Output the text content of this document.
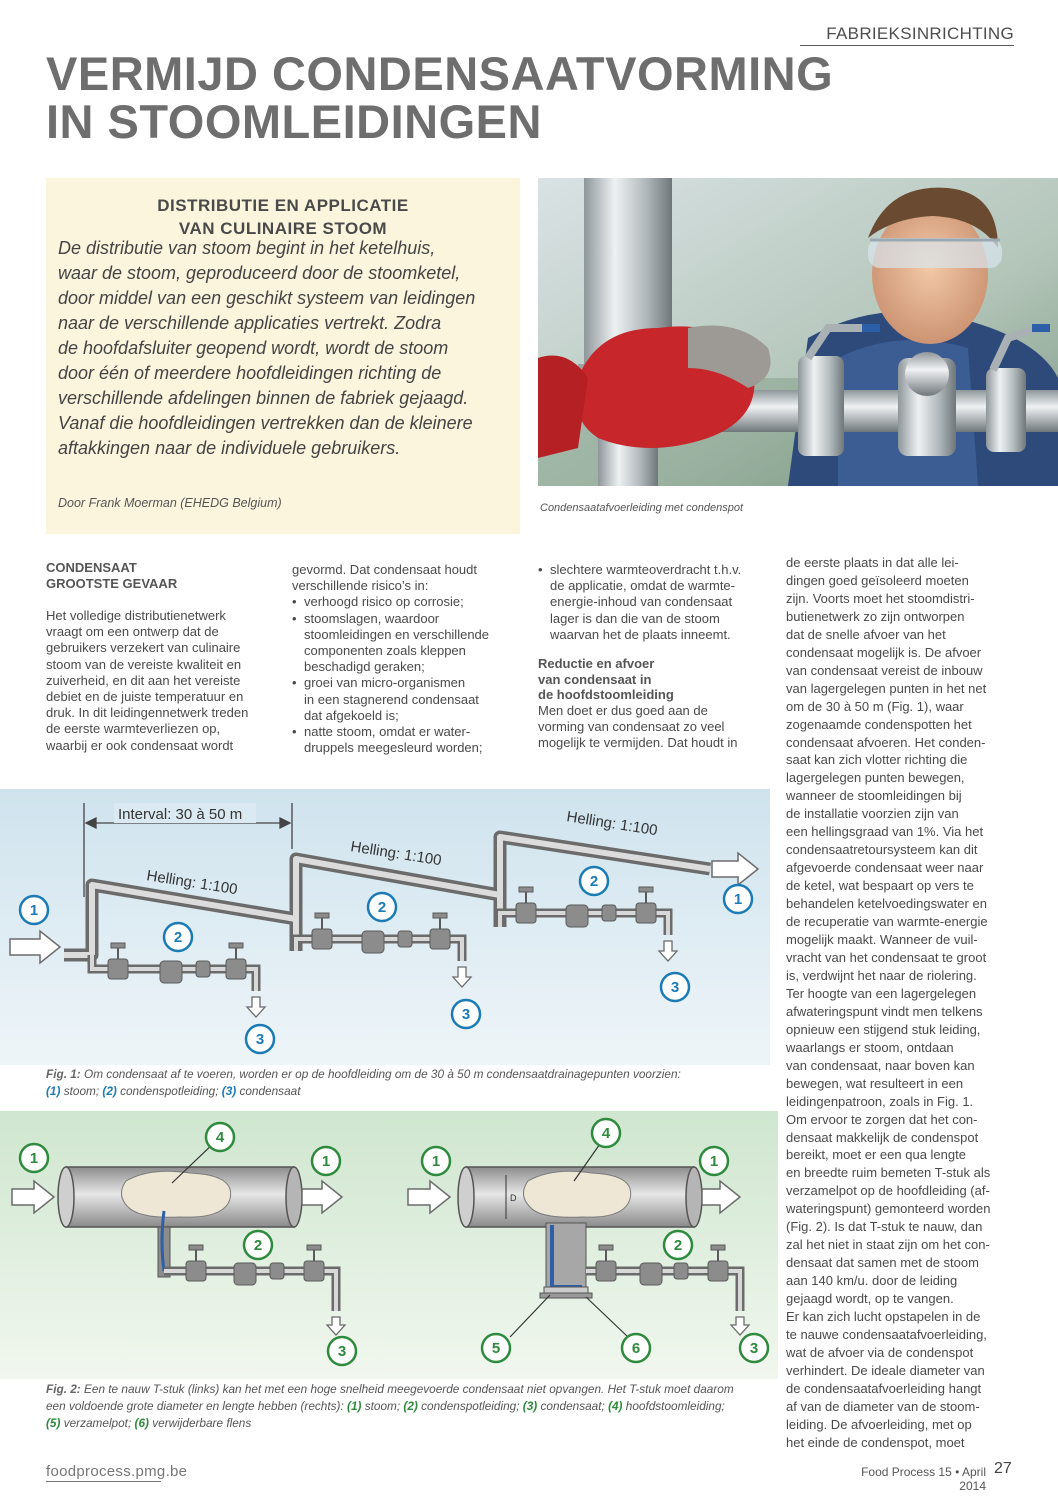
FABRIEKSINRICHTING
VERMIJD CONDENSAATVORMING
IN STOOMLEIDINGEN
DISTRIBUTIE EN APPLICATIE
VAN CULINAIRE STOOM
De distributie van stoom begint in het ketelhuis,
waar de stoom, geproduceerd door de stoomketel,
door middel van een geschikt systeem van leidingen
naar de verschillende applicaties vertrekt. Zodra
de hoofdafsluiter geopend wordt, wordt de stoom
door één of meerdere hoofdleidingen richting de
verschillende afdelingen binnen de fabriek gejaagd.
Vanaf die hoofdleidingen vertrekken dan de kleinere
aftakkingen naar de individuele gebruikers.
Door Frank Moerman (EHEDG Belgium)	Condensaatafvoerleiding met condenspot
CONDENSAAT
GROOTSTE GEVAAR

Het volledige distributienetwerk
vraagt om een ontwerp dat de
gebruikers verzekert van culinaire
stoom van de vereiste kwaliteit en
zuiverheid, en dit aan het vereiste
debiet en de juiste temperatuur en
druk. In dit leidingennetwerk treden
de eerste warmteverliezen op,
waarbij er ook condensaat wordt

gevormd. Dat condensaat houdt
verschillende risico’s in:

• verhoogd risico op corrosie;
• stoomslagen, waardoor
stoomleidingen en verschillende
componenten zoals kleppen
beschadigd geraken;
• groei van micro-organismen
in een stagnerend condensaat
dat afgekoeld is;
• natte stoom, omdat er water-
druppels meegesleurd worden;
• slechtere warmteoverdracht t.h.v.
de applicatie, omdat de warmte-
energie-inhoud van condensaat
lager is dan die van de stoom
waarvan het de plaats inneemt.
Reductie en afvoer
van condensaat in
de hoofdstoomleiding

Men doet er dus goed aan de
vorming van condensaat zo veel
mogelijk te vermijden. Dat houdt in

de eerste plaats in dat alle lei-
dingen goed geïsoleerd moeten
zijn. Voorts moet het stoomdistri-
butienetwerk zo zijn ontworpen
dat de snelle afvoer van het
condensaat mogelijk is. De afvoer
van condensaat vereist de inbouw
van lagergelegen punten in het net
om de 30 à 50 m (Fig. 1), waar
zogenaamde condenspotten het
condensaat afvoeren. Het conden-
saat kan zich vlotter richting die
lagergelegen punten bewegen,
wanneer de stoomleidingen bij
de installatie voorzien zijn van
een hellingsgraad van 1%. Via het
condensaatretoursysteem kan dit
afgevoerde condensaat weer naar
de ketel, wat bespaart op vers te
behandelen ketelvoedingswater en
de recuperatie van warmte-energie
mogelijk maakt. Wanneer de vuil-
vracht van het condensaat te groot
is, verdwijnt het naar de riolering.
Ter hoogte van een lagergelegen
afwateringspunt vindt men telkens
opnieuw een stijgend stuk leiding,
waarlangs er stoom, ontdaan
van condensaat, naar boven kan
bewegen, wat resulteert in een
leidingenpatroon, zoals in Fig. 1.
Om ervoor te zorgen dat het con-
densaat makkelijk de condenspot
bereikt, moet er een qua lengte
en breedte ruim bemeten T-stuk als
verzamelpot op de hoofdleiding (af-
wateringspunt) gemonteerd worden
(Fig. 2). Is dat T-stuk te nauw, dan
zal het niet in staat zijn om het con-
densaat dat samen met de stoom
aan 140 km/u. door de leiding
gejaagd wordt, op te vangen.
Er kan zich lucht opstapelen in de
te nauwe condensaatafvoerleiding,
wat de afvoer via de condenspot
verhindert. De ideale diameter van
de condensaatafvoerleiding hangt
af van de diameter van de stoom-
leiding. De afvoerleiding, met op
het einde de condenspot, moet
Interval: 30 à 50 m
Helling: 1:100
Helling: 1:100
Helling: 1:100
1
1
2
2
2
3
3
3
Fig. 1: Om condensaat af te voeren, worden er op de hoofdleiding om de 30 à 50 m condensaatdrainagepunten voorzien:
(1) stoom; (2) condenspotleiding; (3) condensaat
D
1	1	1	1
4	4
2	2
3	3
5	6
Fig. 2: Een te nauw T-stuk (links) kan het met een hoge snelheid meegevoerde condensaat niet opvangen. Het T-stuk moet daarom
een voldoende grote diameter en lengte hebben (rechts): (1) stoom; (2) condenspotleiding; (3) condensaat; (4) hoofdstoomleiding;
(5) verzamelpot; (6) verwijderbare flens
foodprocess.pmg.be	Food Process 15 • April 2014
27
